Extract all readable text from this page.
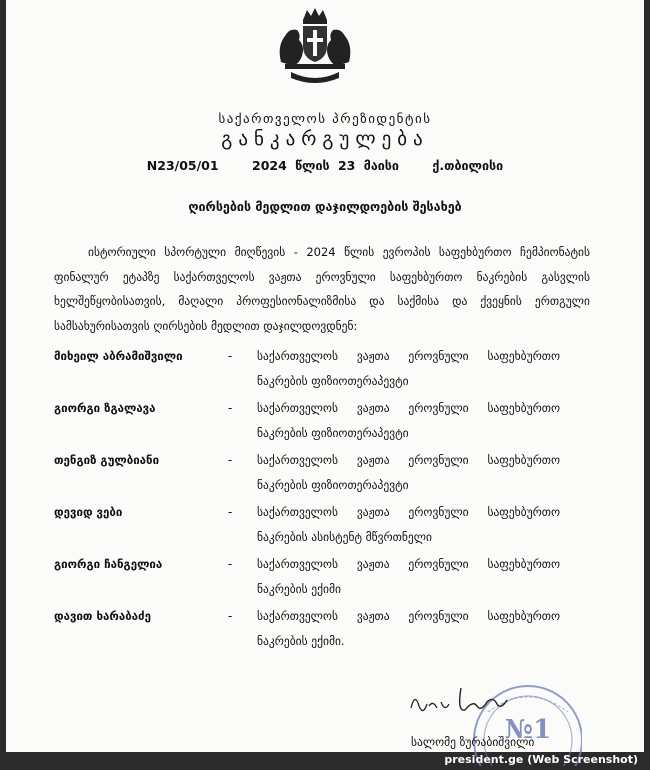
საქართველოს პრეზიდენტის
განკარგულება
N23/05/01	2024 წლის 23 მაისი	ქ.თბილისი
ღირსების მედლით დაჯილდოების შესახებ

ისტორიული სპორტული მიღწევის - 2024 წლის ევროპის საფეხბურთო ჩემპიონატის ფინალურ ეტაპზე საქართველოს ვაჟთა ეროვნული საფეხბურთო ნაკრების გასვლის ხელშეწყობისათვის, მაღალი პროფესიონალიზმისა და საქმისა და ქვეყნის ერთგული სამსახურისათვის ღირსების მედლით დაჯილდოვდნენ:

მიხეილ აბრამიშვილი	-	საქართველოს ვაჟთა ეროვნული საფეხბურთო ნაკრების ფიზიოთერაპევტი
გიორგი ზგალავა	-	საქართველოს ვაჟთა ეროვნული საფეხბურთო ნაკრების ფიზიოთერაპევტი
თენგიზ გულბიანი	-	საქართველოს ვაჟთა ეროვნული საფეხბურთო ნაკრების ფიზიოთერაპევტი
დევიდ ვები	-	საქართველოს ვაჟთა ეროვნული საფეხბურთო ნაკრების ასისტენტ მწვრთნელი
გიორგი ჩანგელია	-	საქართველოს ვაჟთა ეროვნული საფეხბურთო ნაკრების ექიმი
დავით ხარაბაძე	-	საქართველოს ვაჟთა ეროვნული საფეხბურთო ნაკრების ექიმი.
№1
სალომე ზურაბიშვილი
president.ge (Web Screenshot)
